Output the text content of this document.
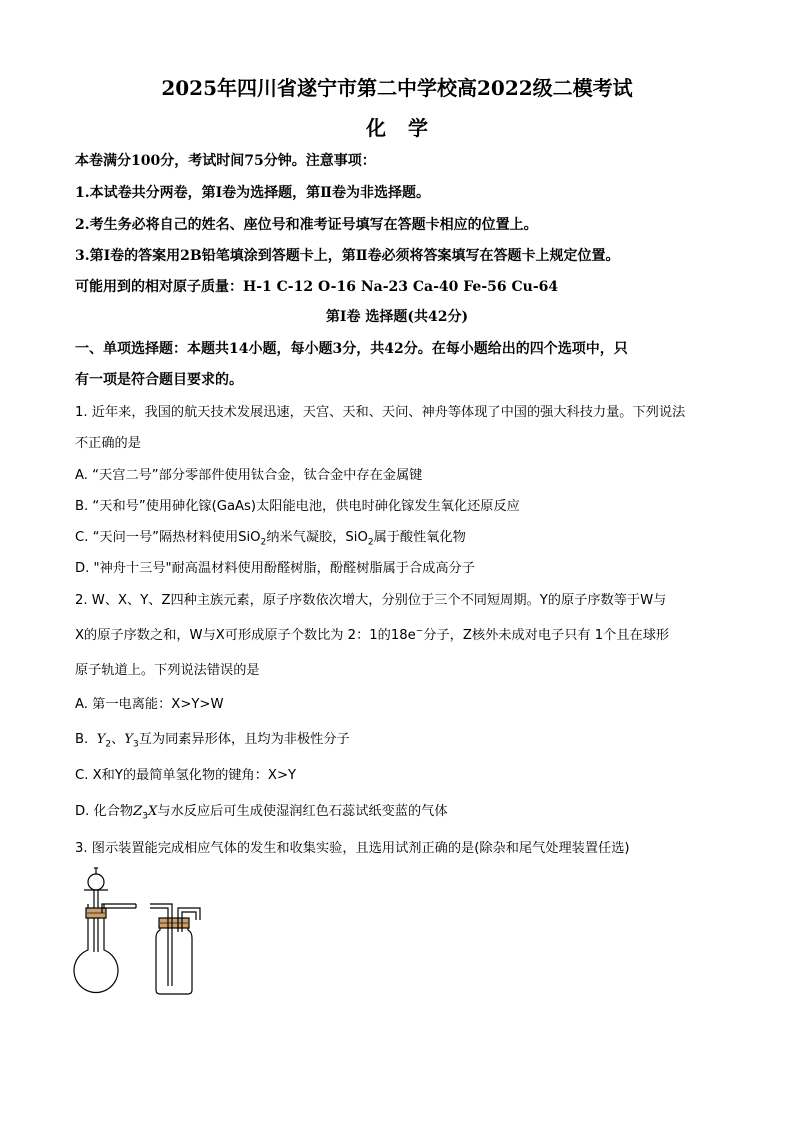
2025年四川省遂宁市第二中学校高2022级二模考试
化学
本卷满分100分，考试时间75分钟。注意事项：
1.本试卷共分两卷，第Ⅰ卷为选择题，第Ⅱ卷为非选择题。
2.考生务必将自己的姓名、座位号和准考证号填写在答题卡相应的位置上。
3.第Ⅰ卷的答案用2B铅笔填涂到答题卡上，第Ⅱ卷必须将答案填写在答题卡上规定位置。
可能用到的相对原子质量：H-1 C-12 O-16 Na-23 Ca-40 Fe-56 Cu-64
第Ⅰ卷 选择题(共42分)
一、单项选择题：本题共14小题，每小题3分，共42分。在每小题给出的四个选项中，只
有一项是符合题目要求的。
1. 近年来，我国的航天技术发展迅速，天宫、天和、天问、神舟等体现了中国的强大科技力量。下列说法
不正确的是
A. “天宫二号”部分零部件使用钛合金，钛合金中存在金属键
B. “天和号”使用砷化镓(GaAs)太阳能电池，供电时砷化镓发生氧化还原反应
C. “天问一号”隔热材料使用SiO$_2$纳米气凝胶，SiO$_2$属于酸性氧化物
D. "神舟十三号"耐高温材料使用酚醛树脂，酚醛树脂属于合成高分子
2. W、X、Y、Z四种主族元素，原子序数依次增大，分别位于三个不同短周期。Y的原子序数等于W与
X的原子序数之和，W与X可形成原子个数比为 2：1的18e−分子，Z核外未成对电子只有 1个且在球形
原子轨道上。下列说法错误的是
A. 第一电离能：X>Y>W
B. $Y_2$、$Y_3$互为同素异形体，且均为非极性分子
C. X和Y的最简单氢化物的键角：X>Y
D. 化合物$Z_3X$与水反应后可生成使湿润红色石蕊试纸变蓝的气体
3. 图示装置能完成相应气体的发生和收集实验，且选用试剂正确的是(除杂和尾气处理装置任选)
